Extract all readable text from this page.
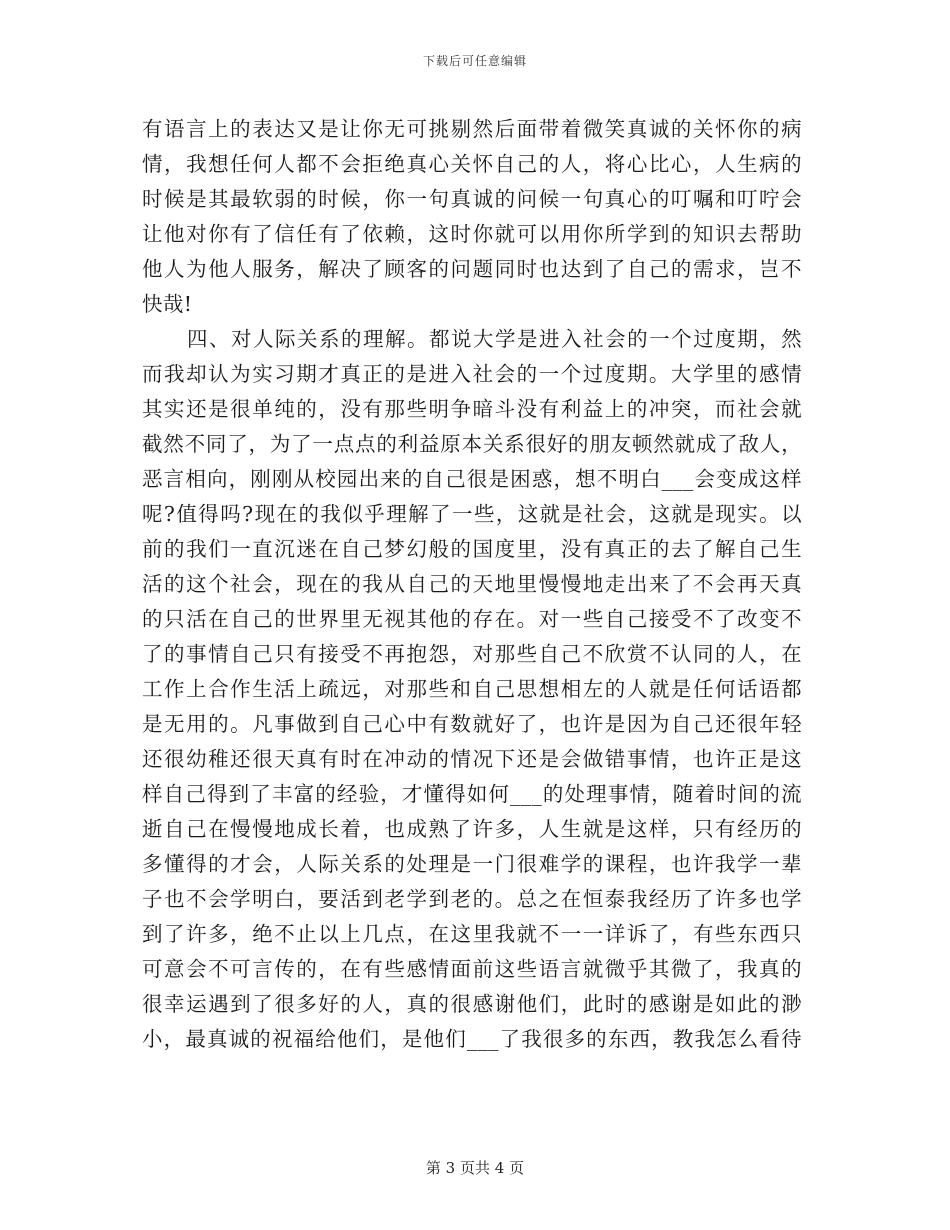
下载后可任意编辑
有语言上的表达又是让你无可挑剔然后面带着微笑真诚的关怀你的病
情，我想任何人都不会拒绝真心关怀自己的人，将心比心，人生病的
时候是其最软弱的时候，你一句真诚的问候一句真心的叮嘱和叮咛会
让他对你有了信任有了依赖，这时你就可以用你所学到的知识去帮助
他人为他人服务，解决了顾客的问题同时也达到了自己的需求，岂不
快哉!
四、对人际关系的理解。都说大学是进入社会的一个过度期，然
而我却认为实习期才真正的是进入社会的一个过度期。大学里的感情
其实还是很单纯的，没有那些明争暗斗没有利益上的冲突，而社会就
截然不同了，为了一点点的利益原本关系很好的朋友顿然就成了敌人，
恶言相向，刚刚从校园出来的自己很是困惑，想不明白___会变成这样
呢?值得吗?现在的我似乎理解了一些，这就是社会，这就是现实。以
前的我们一直沉迷在自己梦幻般的国度里，没有真正的去了解自己生
活的这个社会，现在的我从自己的天地里慢慢地走出来了不会再天真
的只活在自己的世界里无视其他的存在。对一些自己接受不了改变不
了的事情自己只有接受不再抱怨，对那些自己不欣赏不认同的人，在
工作上合作生活上疏远，对那些和自己思想相左的人就是任何话语都
是无用的。凡事做到自己心中有数就好了，也许是因为自己还很年轻
还很幼稚还很天真有时在冲动的情况下还是会做错事情，也许正是这
样自己得到了丰富的经验，才懂得如何___的处理事情，随着时间的流
逝自己在慢慢地成长着，也成熟了许多，人生就是这样，只有经历的
多懂得的才会，人际关系的处理是一门很难学的课程，也许我学一辈
子也不会学明白，要活到老学到老的。总之在恒泰我经历了许多也学
到了许多，绝不止以上几点，在这里我就不一一详诉了，有些东西只
可意会不可言传的，在有些感情面前这些语言就微乎其微了，我真的
很幸运遇到了很多好的人，真的很感谢他们，此时的感谢是如此的渺
小，最真诚的祝福给他们，是他们___了我很多的东西，教我怎么看待
第 3 页共 4 页
